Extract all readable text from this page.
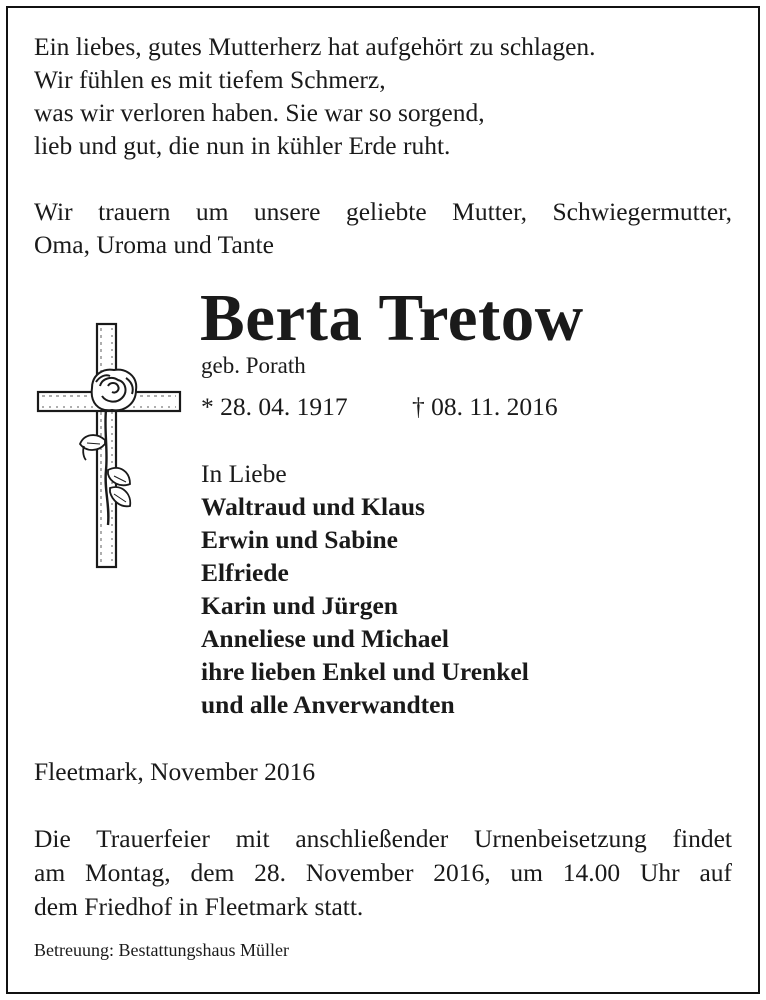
Ein liebes, gutes Mutterherz hat aufgehört zu schlagen.
Wir fühlen es mit tiefem Schmerz,
was wir verloren haben. Sie war so sorgend,
lieb und gut, die nun in kühler Erde ruht.
Wir trauern um unsere geliebte Mutter, Schwiegermutter,
Oma, Uroma und Tante
Berta Tretow
geb. Porath
* 28. 04. 1917	† 08. 11. 2016
In Liebe
Waltraud und Klaus
Erwin und Sabine
Elfriede
Karin und Jürgen
Anneliese und Michael
ihre lieben Enkel und Urenkel
und alle Anverwandten
Fleetmark, November 2016
Die Trauerfeier mit anschließender Urnenbeisetzung findet
am Montag, dem 28. November 2016, um 14.00 Uhr auf
dem Friedhof in Fleetmark statt.
Betreuung: Bestattungshaus Müller
